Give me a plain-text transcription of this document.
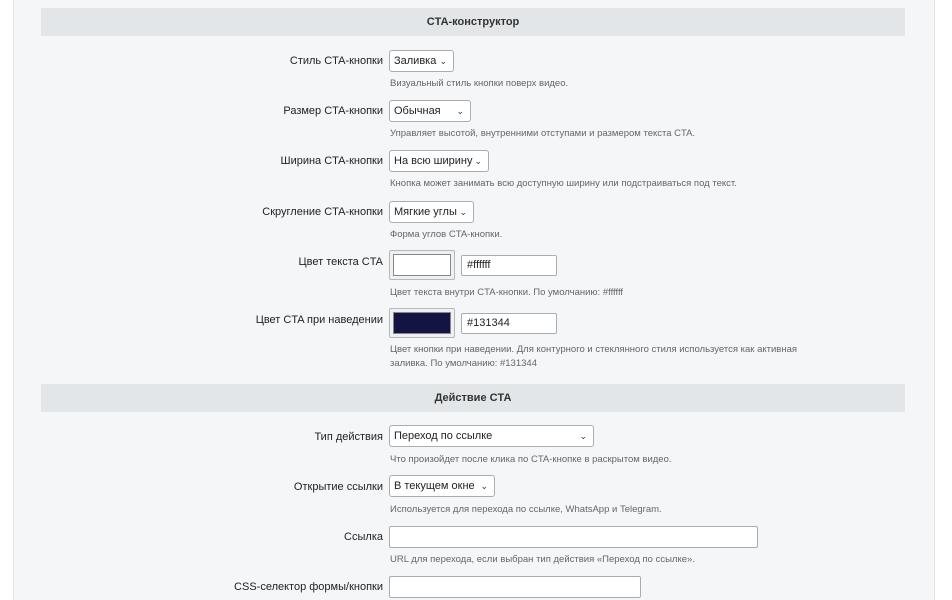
CTA-конструктор
Стиль CTA-кнопки	Заливка ⌄
Визуальный стиль кнопки поверх видео.
Размер CTA-кнопки	Обычная ⌄
Управляет высотой, внутренними отступами и размером текста CTA.
Ширина CTA-кнопки	На всю ширину ⌄
Кнопка может занимать всю доступную ширину или подстраиваться под текст.
Скругление CTA-кнопки	Мягкие углы ⌄
Форма углов CTA-кнопки.
Цвет текста CTA	#ffffff
Цвет текста внутри CTA-кнопки. По умолчанию: #ffffff
Цвет CTA при наведении	#131344
Цвет кнопки при наведении. Для контурного и стеклянного стиля используется как активная
заливка. По умолчанию: #131344
Действие CTA
Тип действия	Переход по ссылке	⌄
Что произойдет после клика по CTA-кнопке в раскрытом видео.
Открытие ссылки	В текущем окне ⌄
Используется для перехода по ссылке, WhatsApp и Telegram.
Ссылка
URL для перехода, если выбран тип действия «Переход по ссылке».
CSS-селектор формы/кнопки
